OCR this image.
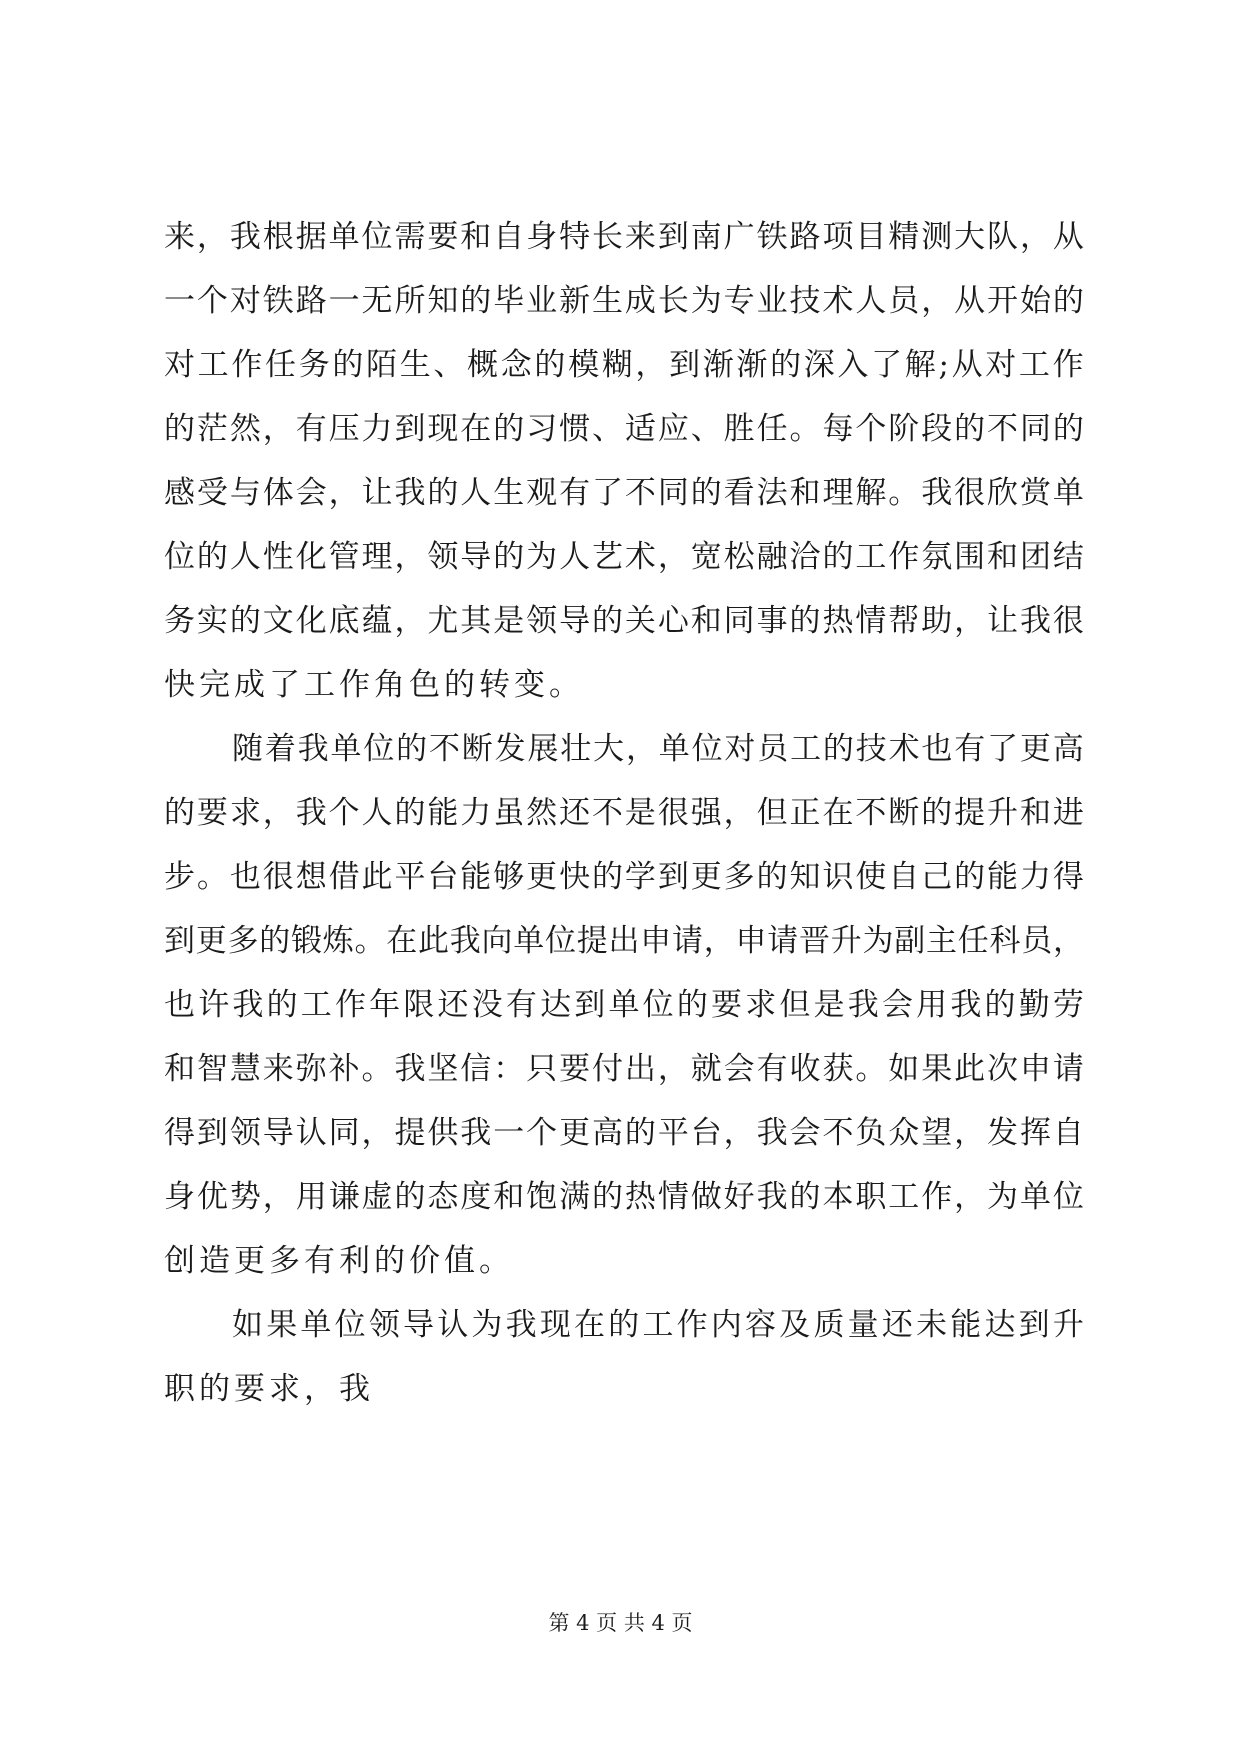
来 ， 我 根 据 单 位 需 要 和 自 身 特 长 来 到 南 广 铁 路 项 目 精 测 大 队 ， 从
一 个 对 铁 路 一 无 所 知 的 毕 业 新 生 成 长 为 专 业 技 术 人 员 ， 从 开 始 的
对 工 作 任 务 的 陌 生 、 概 念 的 模 糊 ， 到 渐 渐 的 深 入 了 解 ; 从 对 工 作
的 茫 然 ， 有 压 力 到 现 在 的 习 惯 、 适 应 、 胜 任 。 每 个 阶 段 的 不 同 的
感 受 与 体 会 ， 让 我 的 人 生 观 有 了 不 同 的 看 法 和 理 解 。 我 很 欣 赏 单
位 的 人 性 化 管 理 ， 领 导 的 为 人 艺 术 ， 宽 松 融 洽 的 工 作 氛 围 和 团 结
务 实 的 文 化 底 蕴 ， 尤 其 是 领 导 的 关 心 和 同 事 的 热 情 帮 助 ， 让 我 很
快完成了工作角色的转变。
随 着 我 单 位 的 不 断 发 展 壮 大 ， 单 位 对 员 工 的 技 术 也 有 了 更 高
的 要 求 ， 我 个 人 的 能 力 虽 然 还 不 是 很 强 ， 但 正 在 不 断 的 提 升 和 进
步 。 也 很 想 借 此 平 台 能 够 更 快 的 学 到 更 多 的 知 识 使 自 己 的 能 力 得
到 更 多 的 锻 炼 。 在 此 我 向 单 位 提 出 申 请 ， 申 请 晋 升 为 副 主 任 科 员 ，
也 许 我 的 工 作 年 限 还 没 有 达 到 单 位 的 要 求 但 是 我 会 用 我 的 勤 劳
和 智 慧 来 弥 补 。 我 坚 信 ： 只 要 付 出 ， 就 会 有 收 获 。 如 果 此 次 申 请
得 到 领 导 认 同 ， 提 供 我 一 个 更 高 的 平 台 ， 我 会 不 负 众 望 ， 发 挥 自
身 优 势 ， 用 谦 虚 的 态 度 和 饱 满 的 热 情 做 好 我 的 本 职 工 作 ， 为 单 位
创造更多有利的价值。
如 果 单 位 领 导 认 为 我 现 在 的 工 作 内 容 及 质 量 还 未 能 达 到 升
职的要求，我
第 4 页 共 4 页
